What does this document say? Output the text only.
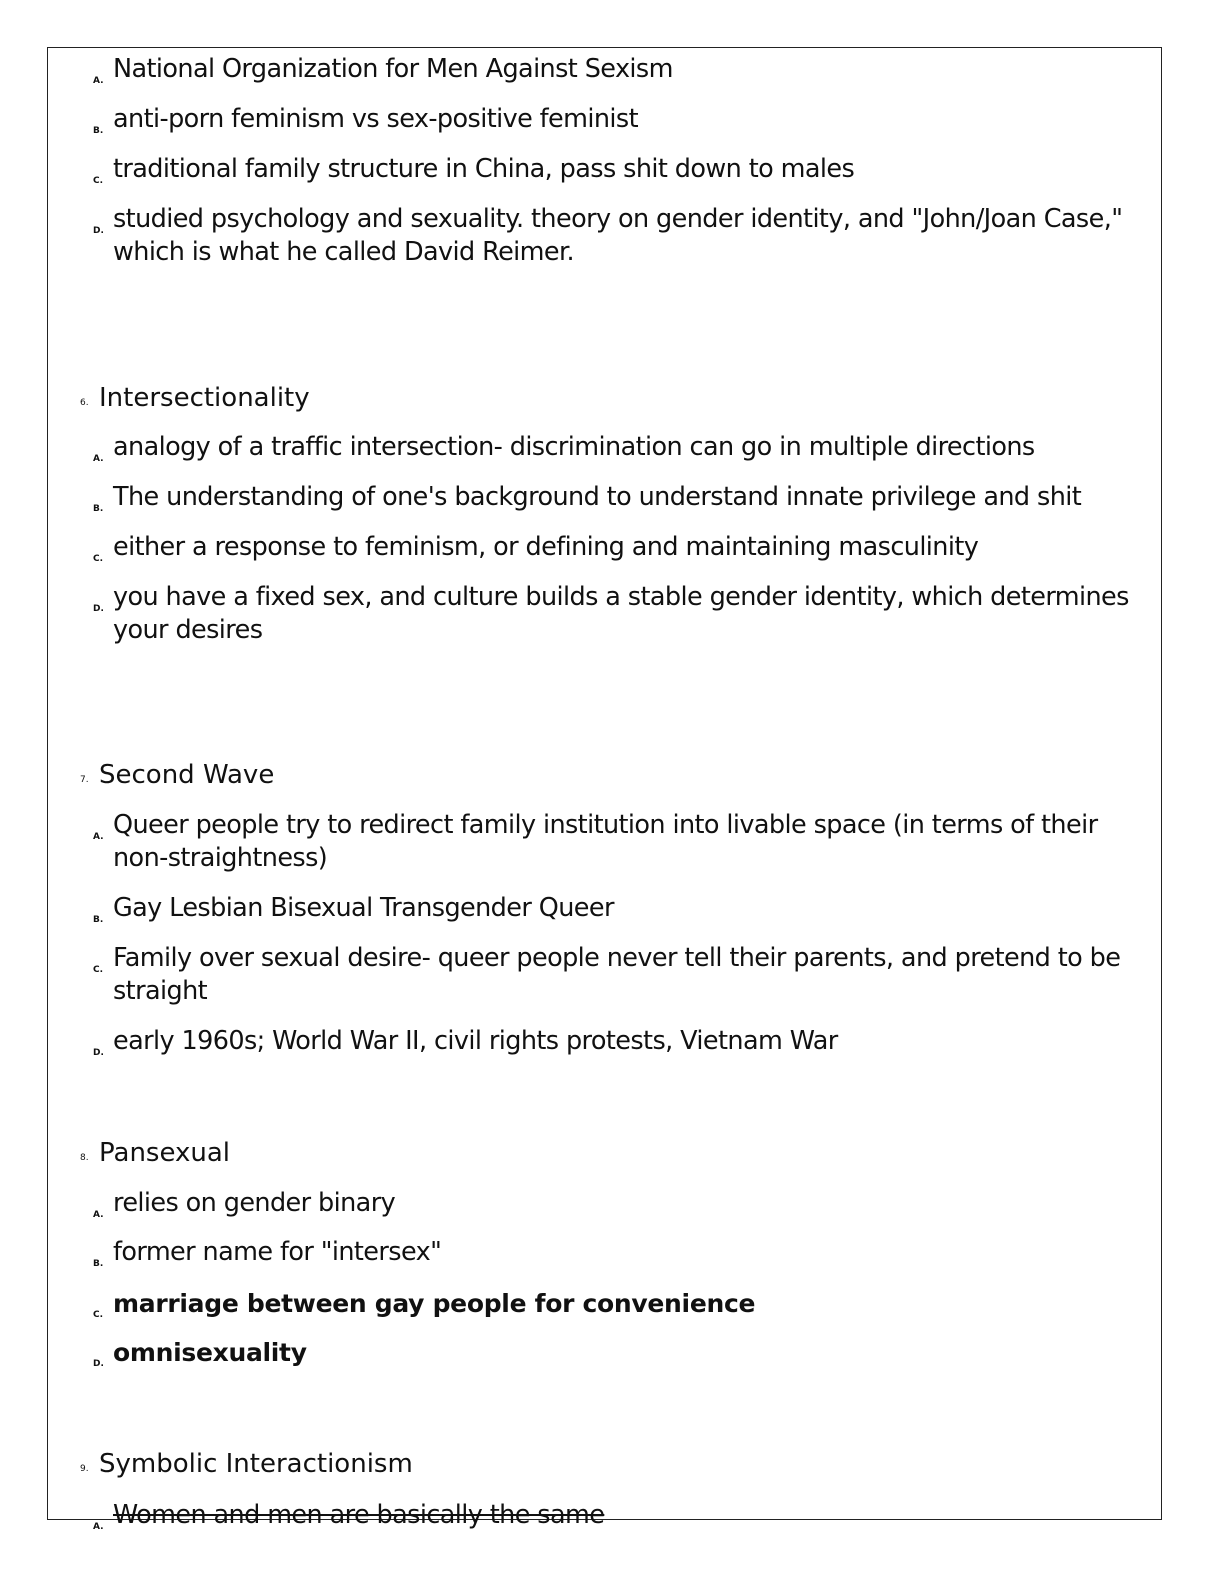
A. National Organization for Men Against Sexism
B. anti-porn feminism vs sex-positive feminist
C. traditional family structure in China, pass shit down to males
D. studied psychology and sexuality. theory on gender identity, and "John/Joan Case," which is what he called David Reimer.
6. Intersectionality
A. analogy of a traffic intersection- discrimination can go in multiple directions
B. The understanding of one's background to understand innate privilege and shit
C. either a response to feminism, or defining and maintaining masculinity
D. you have a fixed sex, and culture builds a stable gender identity, which determines your desires
7. Second Wave
A. Queer people try to redirect family institution into livable space (in terms of their non-straightness)
B. Gay Lesbian Bisexual Transgender Queer
C. Family over sexual desire- queer people never tell their parents, and pretend to be straight
D. early 1960s; World War II, civil rights protests, Vietnam War
8. Pansexual
A. relies on gender binary
B. former name for "intersex"
C. marriage between gay people for convenience
D. omnisexuality
9. Symbolic Interactionism
A. Women and men are basically the same
